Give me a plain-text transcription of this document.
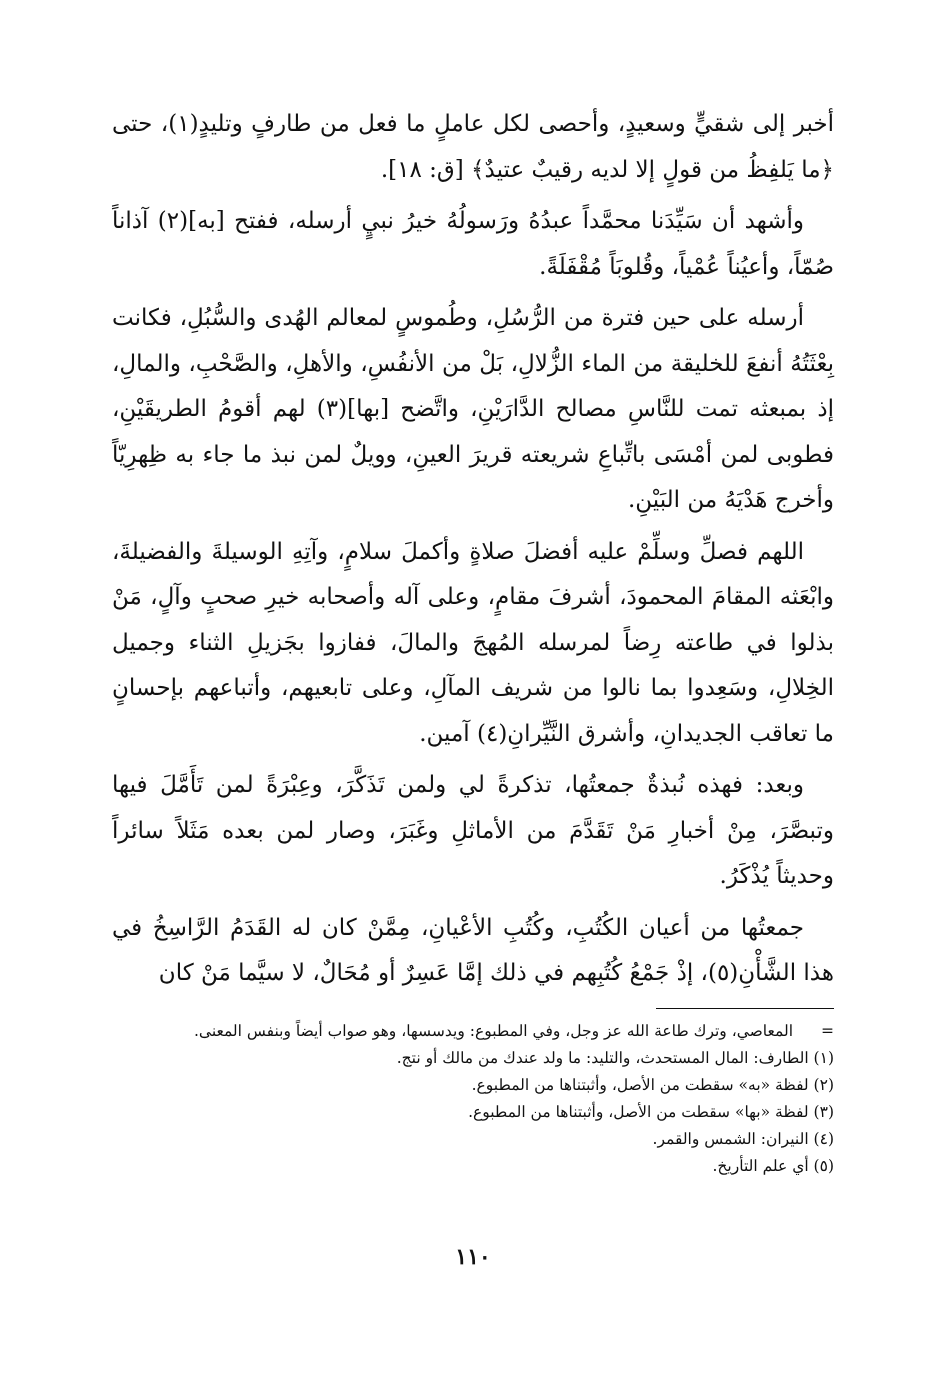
أخبر إلى شقيٍّ وسعيدٍ، وأحصى لكل عاملٍ ما فعل من طارفٍ وتليدٍ(١)، حتى ﴿ما يَلفِظُ من قولٍ إلا لديه رقيبٌ عتيدٌ﴾ [ق: ١٨].

وأشهد أن سَيِّدَنا محمَّداً عبدُهُ ورَسولُهُ خيرُ نبيٍ أرسله، ففتح [به](٢) آذاناً صُمّاً، وأعيُناً عُمْياً، وقُلوبَاً مُقْفَلَةً.

أرسله على حين فترة من الرُّسُلِ، وطُموسٍ لمعالم الهُدى والسُّبُلِ، فكانت بِعْثَتُهُ أنفعَ للخليقة من الماء الزُّلالِ، بَلْ من الأنفُسِ، والأهلِ، والصَّحْبِ، والمالِ، إذ بمبعثه تمت للنَّاسِ مصالح الدَّارَيْنِ، واتَّضح [بها](٣) لهم أقومُ الطريقَيْنِ، فطوبى لمن أمْسَى باتِّباعِ شريعته قريرَ العينِ، وويلٌ لمن نبذ ما جاء به ظِهرِيّاً وأخرج هَدْيَهُ من البَيْنِ.

اللهم فصلِّ وسلِّمْ عليه أفضلَ صلاةٍ وأكملَ سلامٍ، وآتِهِ الوسيلةَ والفضيلةَ، وابْعَثه المقامَ المحمودَ، أشرفَ مقامٍ، وعلى آله وأصحابه خيرِ صحبٍ وآلٍ، مَنْ بذلوا في طاعته رِضاً لمرسله المُهجَ والمالَ، ففازوا بجَزيلِ الثناء وجميل الخِلالِ، وسَعِدوا بما نالوا من شريف المآلِ، وعلى تابعيهم، وأتباعهم بإحسانٍ ما تعاقب الجديدانِ، وأشرق النَّيِّرانِ(٤) آمين.

وبعد: فهذه نُبذةٌ جمعتُها، تذكرةً لي ولمن تَذَكَّرَ، وعِبْرَةً لمن تَأَمَّلَ فيها وتبصَّرَ، مِنْ أخبارِ مَنْ تَقَدَّمَ من الأماثلِ وغَبَرَ، وصار لمن بعده مَثَلاً سائراً وحديثاً يُذْكَرُ.

جمعتُها من أعيان الكُتُبِ، وكُتُبِ الأعْيانِ، مِمَّنْ كان له القَدَمُ الرَّاسِخُ في هذا الشَّأْنِ(٥)، إذْ جَمْعُ كُتُبِهم في ذلك إمَّا عَسِرٌ أو مُحَالٌ، لا سيَّما مَنْ كان

=المعاصي، وترك طاعة الله عز وجل، وفي المطبوع: ويدسسها، وهو صواب أيضاً وبنفس المعنى.

(١) الطارف: المال المستحدث، والتليد: ما ولد عندك من مالك أو نتج.

(٢) لفظة «به» سقطت من الأصل، وأثبتناها من المطبوع.

(٣) لفظة «بها» سقطت من الأصل، وأثبتناها من المطبوع.

(٤) النيران: الشمس والقمر.

(٥) أي علم التأريخ.

١١٠
